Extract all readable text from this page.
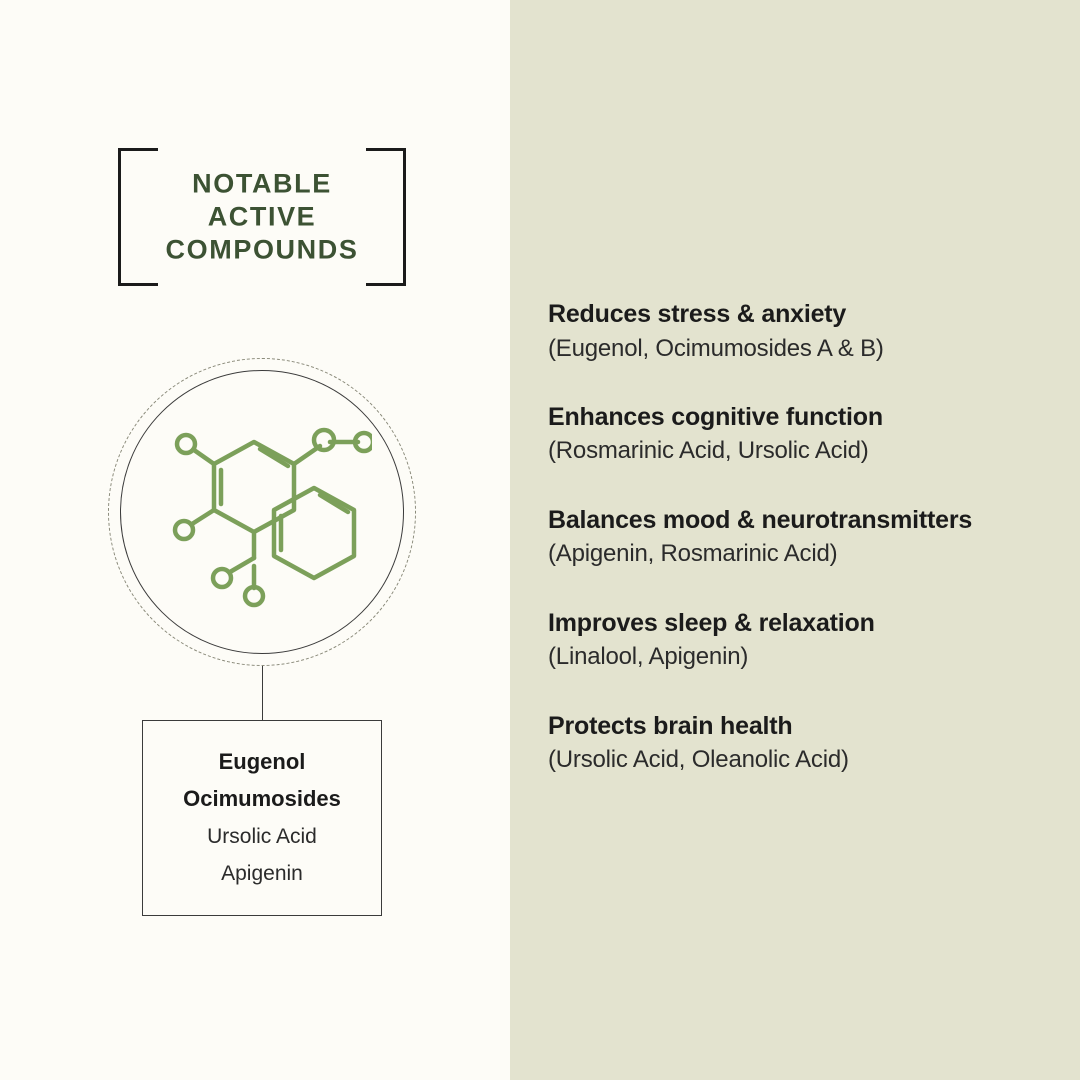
Reduces stress & anxiety
(Eugenol, Ocimumosides A & B)
Enhances cognitive function
(Rosmarinic Acid, Ursolic Acid)
Balances mood & neurotransmitters
(Apigenin, Rosmarinic Acid)
Improves sleep & relaxation
(Linalool, Apigenin)
Protects brain health
(Ursolic Acid, Oleanolic Acid)
NOTABLE
ACTIVE
COMPOUNDS
Eugenol
Ocimumosides
Ursolic Acid
Apigenin
